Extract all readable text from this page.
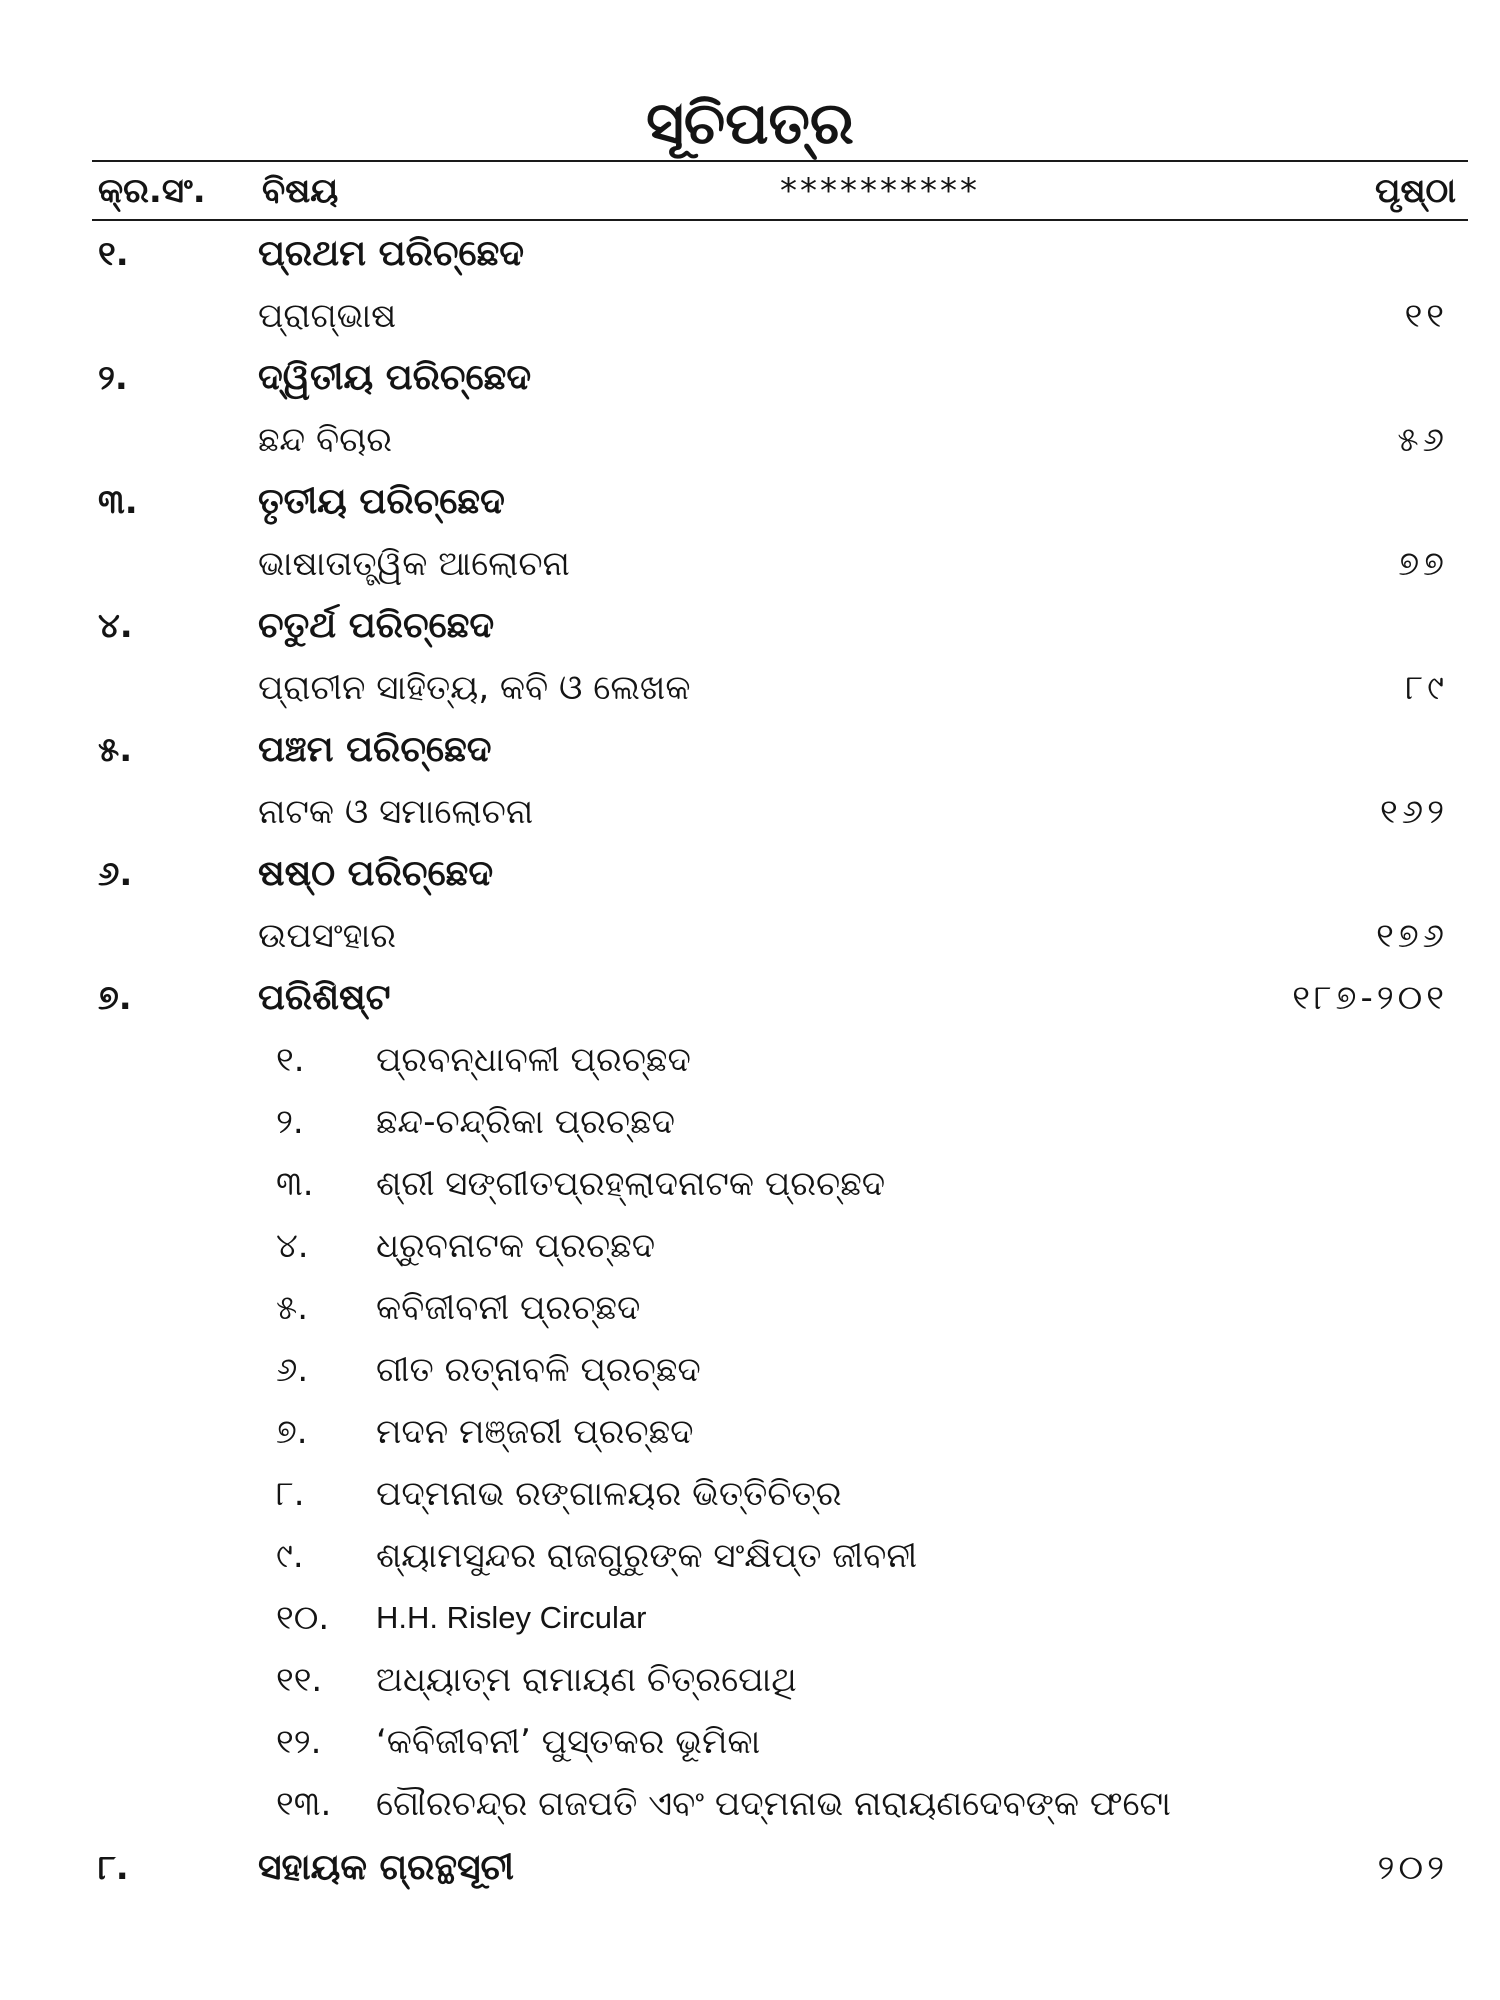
ସୂଚିପତ୍ର
କ୍ର.ସଂ. ବିଷୟ	**********	ପୃଷ୍ଠା
୧.	ପ୍ରଥମ ପରିଚ୍ଛେଦ
ପ୍ରାଗ୍‌ଭାଷ	୧୧
୨.	ଦ୍ୱିତୀୟ ପରିଚ୍ଛେଦ
ଛନ୍ଦ ବିଚାର	୫୬
୩.	ତୃତୀୟ ପରିଚ୍ଛେଦ
ଭାଷାତାତ୍ତ୍ୱିକ ଆଲୋଚନା	୭୭
୪.	ଚତୁର୍ଥ ପରିଚ୍ଛେଦ
ପ୍ରାଚୀନ ସାହିତ୍ୟ, କବି ଓ ଲେଖକ	୮୯
୫.	ପଞ୍ଚମ ପରିଚ୍ଛେଦ
ନାଟକ ଓ ସମାଲୋଚନା	୧୬୨
୬.	ଷଷ୍ଠ ପରିଚ୍ଛେଦ
ଉପସଂହାର	୧୭୬
୭.	ପରିଶିଷ୍ଟ	୧୮୭-୨୦୧
୧.	ପ୍ରବନ୍ଧାବଳୀ ପ୍ରଚ୍ଛଦ
୨.	ଛନ୍ଦ-ଚନ୍ଦ୍ରିକା ପ୍ରଚ୍ଛଦ
୩.	ଶ୍ରୀ ସଙ୍ଗୀତପ୍ରହ୍ଲାଦନାଟକ ପ୍ରଚ୍ଛଦ
୪.	ଧ୍ରୁବନାଟକ ପ୍ରଚ୍ଛଦ
୫.	କବିଜୀବନୀ ପ୍ରଚ୍ଛଦ
୬.	ଗୀତ ରତ୍ନାବଳି ପ୍ରଚ୍ଛଦ
୭.	ମଦନ ମଞ୍ଜରୀ ପ୍ରଚ୍ଛଦ
୮.	ପଦ୍ମନାଭ ରଙ୍ଗାଳୟର ଭିତ୍ତିଚିତ୍ର
୯.	ଶ୍ୟାମସୁନ୍ଦର ରାଜଗୁରୁଙ୍କ ସଂକ୍ଷିପ୍ତ ଜୀବନୀ
୧୦. H.H. Risley Circular
୧୧. ଅଧ୍ୟାତ୍ମ ରାମାୟଣ ଚିତ୍ରପୋଥି
୧୨. ‘କବିଜୀବନୀ’ ପୁସ୍ତକର ଭୂମିକା
୧୩. ଗୌରଚନ୍ଦ୍ର ଗଜପତି ଏବଂ ପଦ୍ମନାଭ ନାରାୟଣଦେବଙ୍କ ଫଟୋ
୮.	ସହାୟକ ଗ୍ରନ୍ଥସୂଚୀ	୨୦୨
